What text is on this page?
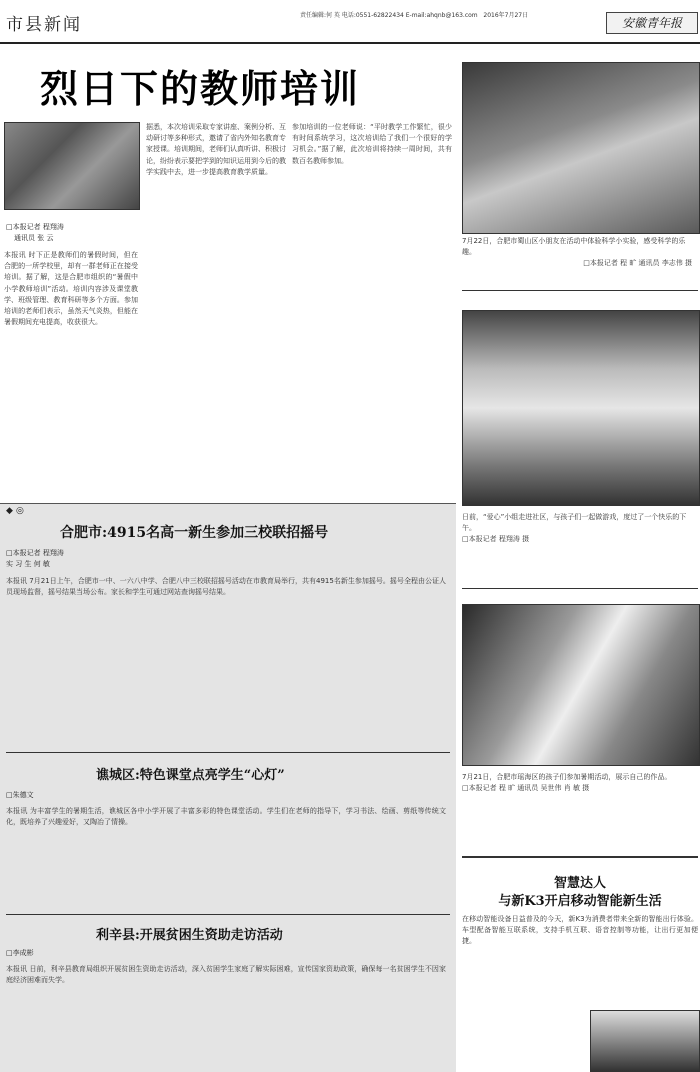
市县新闻	责任编辑:何 英 电话:0551-62822434 E-mail:ahqnb@163.com 2016年7月27日
安徽青年报
烈日下的教师培训
□本报记者 程翔涛
通讯员 张 云
本报讯 时下正是教师们的暑假时间，但在合肥的一所学校里，却有一群老师正在接受培训。据了解，这是合肥市组织的“暑假中小学教师培训”活动。培训内容涉及课堂教学、班级管理、教育科研等多个方面。参加培训的老师们表示，虽然天气炎热，但能在暑假期间充电提高，收获很大。
据悉，本次培训采取专家讲座、案例分析、互动研讨等多种形式，邀请了省内外知名教育专家授课。培训期间，老师们认真听讲、积极讨论，纷纷表示要把学到的知识运用到今后的教学实践中去，进一步提高教育教学质量。
参加培训的一位老师说：“平时教学工作繁忙，很少有时间系统学习，这次培训给了我们一个很好的学习机会。”据了解，此次培训将持续一周时间，共有数百名教师参加。
◆ ◎
合肥市:4915名高一新生参加三校联招摇号
□本报记者 程翔涛
实 习 生 何 敏
本报讯 7月21日上午，合肥市一中、一六八中学、合肥八中三校联招摇号活动在市教育局举行，共有4915名新生参加摇号。摇号全程由公证人员现场监督，摇号结果当场公布。家长和学生可通过网站查询摇号结果。
谯城区:特色课堂点亮学生“心灯”
□朱德文
本报讯 为丰富学生的暑期生活，谯城区各中小学开展了丰富多彩的特色课堂活动。学生们在老师的指导下，学习书法、绘画、剪纸等传统文化，既培养了兴趣爱好，又陶冶了情操。
利辛县:开展贫困生资助走访活动
□李成彬
本报讯 日前，利辛县教育局组织开展贫困生资助走访活动，深入贫困学生家庭了解实际困难，宣传国家资助政策，确保每一名贫困学生不因家庭经济困难而失学。
7月22日，合肥市蜀山区小朋友在活动中体验科学小实验，感受科学的乐趣。
□本报记者 程 旷 通讯员 李志伟 摄
日前，“爱心”小组走进社区，与孩子们一起做游戏，度过了一个快乐的下午。
□本报记者 程翔涛 摄
7月21日，合肥市瑶海区的孩子们参加暑期活动，展示自己的作品。
□本报记者 程 旷 通讯员 吴世伟 肖 敏 摄
智慧达人
与新K3开启移动智能新生活
在移动智能设备日益普及的今天，新K3为消费者带来全新的智能出行体验。车型配备智能互联系统，支持手机互联、语音控制等功能，让出行更加便捷。
